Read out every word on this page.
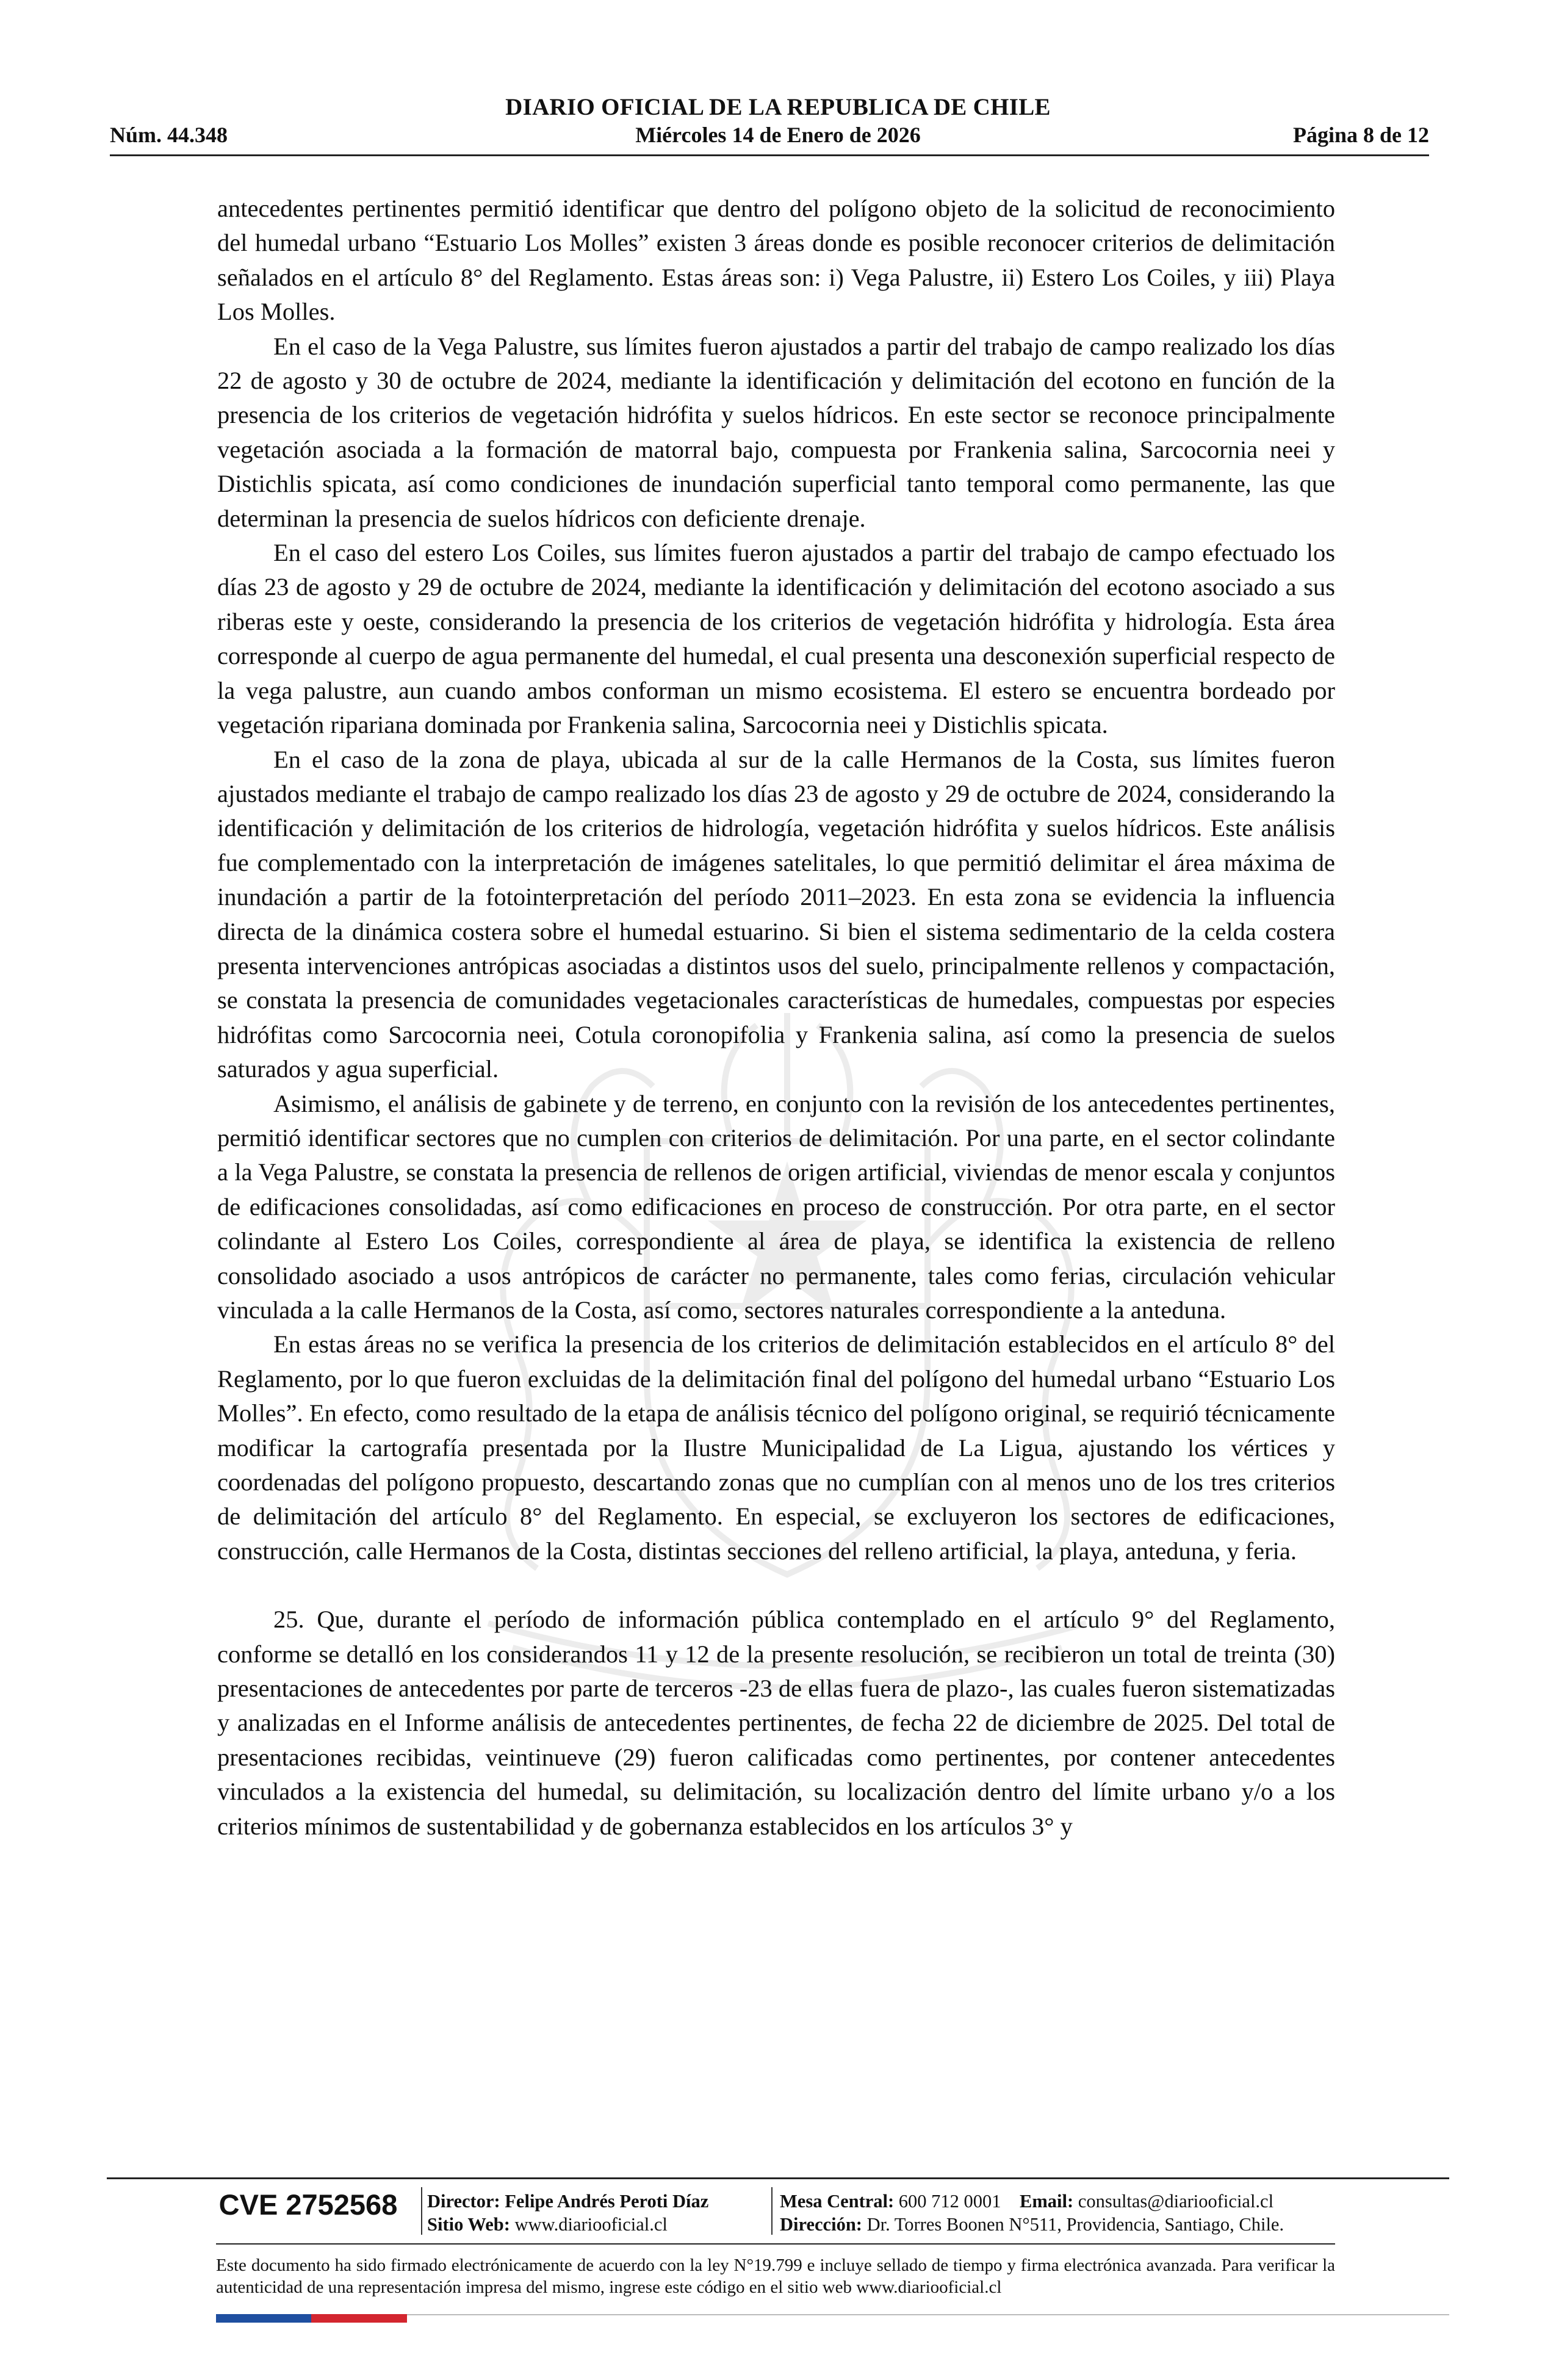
DIARIO OFICIAL DE LA REPUBLICA DE CHILE
Núm. 44.348	Miércoles 14 de Enero de 2026	Página 8 de 12

antecedentes pertinentes permitió identificar que dentro del polígono objeto de la solicitud de reconocimiento del humedal urbano “Estuario Los Molles” existen 3 áreas donde es posible reconocer criterios de delimitación señalados en el artículo 8° del Reglamento. Estas áreas son: i) Vega Palustre, ii) Estero Los Coiles, y iii) Playa Los Molles.

En el caso de la Vega Palustre, sus límites fueron ajustados a partir del trabajo de campo realizado los días 22 de agosto y 30 de octubre de 2024, mediante la identificación y delimitación del ecotono en función de la presencia de los criterios de vegetación hidrófita y suelos hídricos. En este sector se reconoce principalmente vegetación asociada a la formación de matorral bajo, compuesta por Frankenia salina, Sarcocornia neei y Distichlis spicata, así como condiciones de inundación superficial tanto temporal como permanente, las que determinan la presencia de suelos hídricos con deficiente drenaje.

En el caso del estero Los Coiles, sus límites fueron ajustados a partir del trabajo de campo efectuado los días 23 de agosto y 29 de octubre de 2024, mediante la identificación y delimitación del ecotono asociado a sus riberas este y oeste, considerando la presencia de los criterios de vegetación hidrófita y hidrología. Esta área corresponde al cuerpo de agua permanente del humedal, el cual presenta una desconexión superficial respecto de la vega palustre, aun cuando ambos conforman un mismo ecosistema. El estero se encuentra bordeado por vegetación ripariana dominada por Frankenia salina, Sarcocornia neei y Distichlis spicata.

En el caso de la zona de playa, ubicada al sur de la calle Hermanos de la Costa, sus límites fueron ajustados mediante el trabajo de campo realizado los días 23 de agosto y 29 de octubre de 2024, considerando la identificación y delimitación de los criterios de hidrología, vegetación hidrófita y suelos hídricos. Este análisis fue complementado con la interpretación de imágenes satelitales, lo que permitió delimitar el área máxima de inundación a partir de la fotointerpretación del período 2011–2023. En esta zona se evidencia la influencia directa de la dinámica costera sobre el humedal estuarino. Si bien el sistema sedimentario de la celda costera presenta intervenciones antrópicas asociadas a distintos usos del suelo, principalmente rellenos y compactación, se constata la presencia de comunidades vegetacionales características de humedales, compuestas por especies hidrófitas como Sarcocornia neei, Cotula coronopifolia y Frankenia salina, así como la presencia de suelos saturados y agua superficial.

Asimismo, el análisis de gabinete y de terreno, en conjunto con la revisión de los antecedentes pertinentes, permitió identificar sectores que no cumplen con criterios de delimitación. Por una parte, en el sector colindante a la Vega Palustre, se constata la presencia de rellenos de origen artificial, viviendas de menor escala y conjuntos de edificaciones consolidadas, así como edificaciones en proceso de construcción. Por otra parte, en el sector colindante al Estero Los Coiles, correspondiente al área de playa, se identifica la existencia de relleno consolidado asociado a usos antrópicos de carácter no permanente, tales como ferias, circulación vehicular vinculada a la calle Hermanos de la Costa, así como, sectores naturales correspondiente a la anteduna.

En estas áreas no se verifica la presencia de los criterios de delimitación establecidos en el artículo 8° del Reglamento, por lo que fueron excluidas de la delimitación final del polígono del humedal urbano “Estuario Los Molles”. En efecto, como resultado de la etapa de análisis técnico del polígono original, se requirió técnicamente modificar la cartografía presentada por la Ilustre Municipalidad de La Ligua, ajustando los vértices y coordenadas del polígono propuesto, descartando zonas que no cumplían con al menos uno de los tres criterios de delimitación del artículo 8° del Reglamento. En especial, se excluyeron los sectores de edificaciones, construcción, calle Hermanos de la Costa, distintas secciones del relleno artificial, la playa, anteduna, y feria.

25. Que, durante el período de información pública contemplado en el artículo 9° del Reglamento, conforme se detalló en los considerandos 11 y 12 de la presente resolución, se recibieron un total de treinta (30) presentaciones de antecedentes por parte de terceros -23 de ellas fuera de plazo-, las cuales fueron sistematizadas y analizadas en el Informe análisis de antecedentes pertinentes, de fecha 22 de diciembre de 2025. Del total de presentaciones recibidas, veintinueve (29) fueron calificadas como pertinentes, por contener antecedentes vinculados a la existencia del humedal, su delimitación, su localización dentro del límite urbano y/o a los criterios mínimos de sustentabilidad y de gobernanza establecidos en los artículos 3° y

CVE 2752568	Director: Felipe Andrés Peroti Díaz
Sitio Web: www.diariooficial.cl
Mesa Central: 600 712 0001 Email: consultas@diariooficial.cl
Dirección: Dr. Torres Boonen N°511, Providencia, Santiago, Chile.
Este documento ha sido firmado electrónicamente de acuerdo con la ley N°19.799 e incluye sellado de tiempo y firma electrónica avanzada. Para verificar la autenticidad de una representación impresa del mismo, ingrese este código en el sitio web www.diariooficial.cl
